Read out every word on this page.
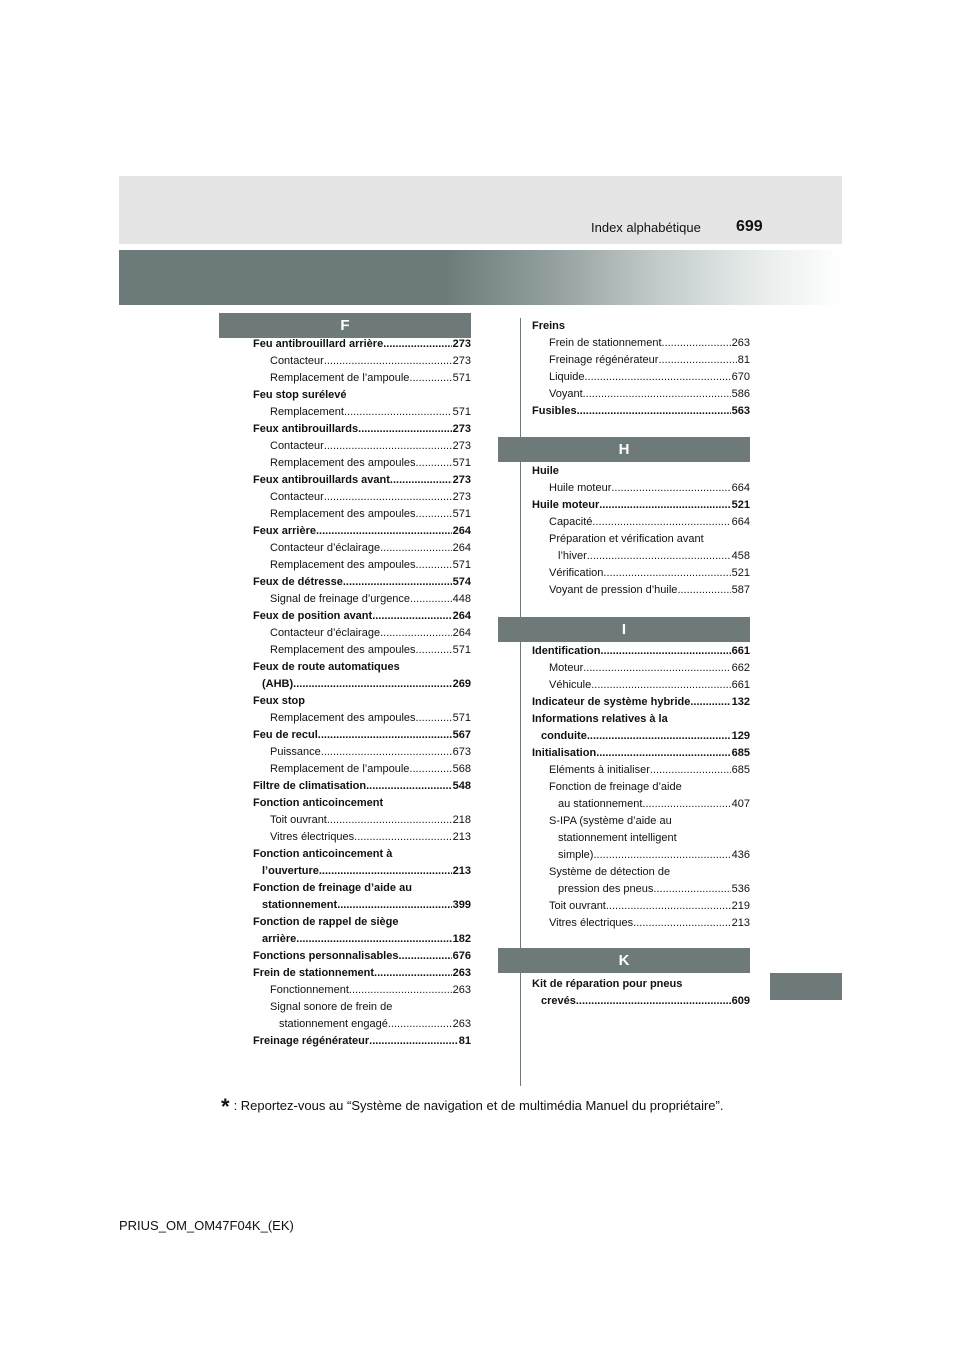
Index alphabétique 699
F
Feu antibrouillard arrière .....	273
Contacteur .....	273
Remplacement de l’ampoule .....	571
Feu stop surélevé
Remplacement .....	571
Feux antibrouillards .....	273
Contacteur .....	273
Remplacement des ampoules .....	571
Feux antibrouillards avant .....	273
Contacteur .....	273
Remplacement des ampoules .....	571
Feux arrière .....	264
Contacteur d’éclairage .....	264
Remplacement des ampoules .....	571
Feux de détresse .....	574
Signal de freinage d’urgence .....	448
Feux de position avant .....	264
Contacteur d’éclairage .....	264
Remplacement des ampoules .....	571
Feux de route automatiques
(AHB) .....	269
Feux stop
Remplacement des ampoules .....	571
Feu de recul .....	567
Puissance .....	673
Remplacement de l’ampoule .....	568
Filtre de climatisation .....	548
Fonction anticoincement
Toit ouvrant .....	218
Vitres électriques .....	213
Fonction anticoincement à
l’ouverture .....	213
Fonction de freinage d’aide au
stationnement .....	399
Fonction de rappel de siège
arrière .....	182
Fonctions personnalisables .....	676
Frein de stationnement .....	263
Fonctionnement .....	263
Signal sonore de frein de
stationnement engagé .....	263
Freinage régénérateur .....	81
Freins
Frein de stationnement .....	263
Freinage régénérateur .....	81
Liquide .....	670
Voyant .....	586
Fusibles .....	563
H
Huile
Huile moteur .....	664
Huile moteur .....	521
Capacité .....	664
Préparation et vérification avant
l’hiver .....	458
Vérification .....	521
Voyant de pression d’huile .....	587
I
Identification .....	661
Moteur .....	662
Véhicule .....	661
Indicateur de système hybride .....	132
Informations relatives à la
conduite .....	129
Initialisation .....	685
Eléments à initialiser .....	685
Fonction de freinage d’aide
au stationnement .....	407
S-IPA (système d’aide au
stationnement intelligent
simple) .....	436
Système de détection de
pression des pneus .....	536
Toit ouvrant .....	219
Vitres électriques .....	213
K
Kit de réparation pour pneus
crevés .....	609
* : Reportez-vous au “Système de navigation et de multimédia Manuel du propriétaire”.
PRIUS_OM_OM47F04K_(EK)
